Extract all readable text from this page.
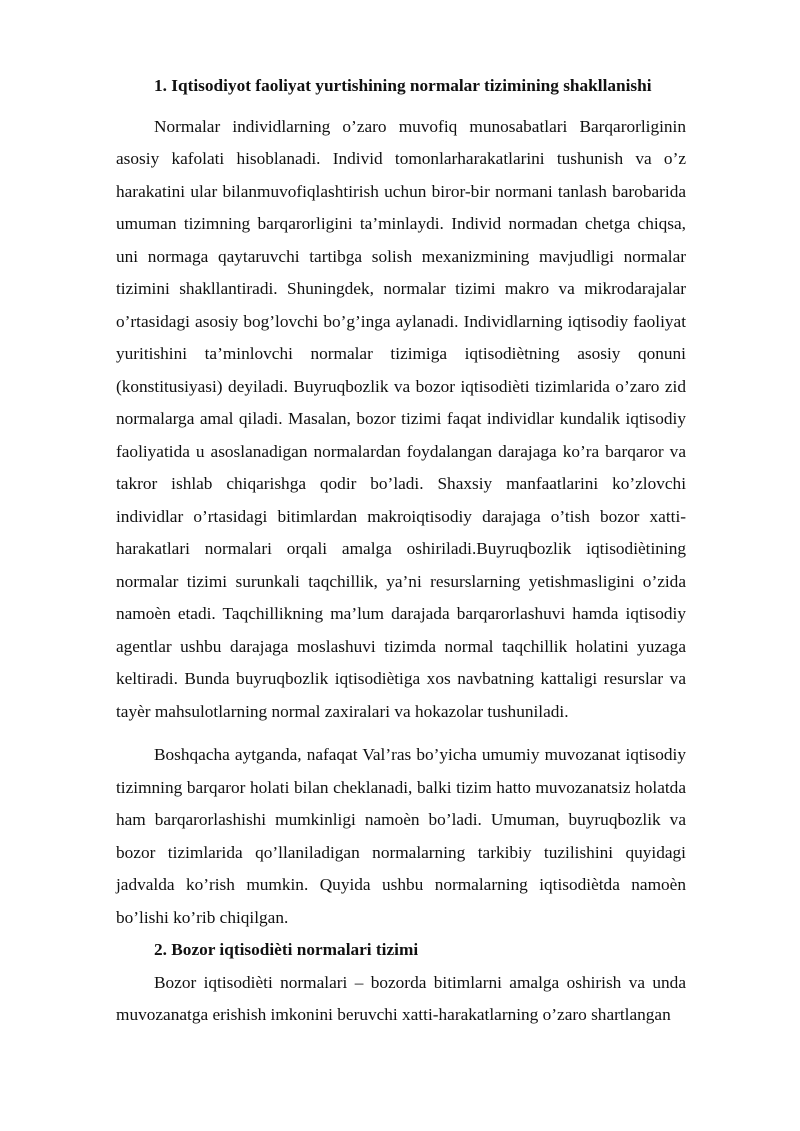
1. Iqtisodiyot faoliyat yurtishining normalar tizimining shakllanishi

Normalar individlarning o’zaro muvofiq munosabatlari Barqarorliginin asosiy kafolati hisoblanadi. Individ tomonlarharakatlarini tushunish va o’z harakatini ular bilanmuvofiqlashtirish uchun biror-bir normani tanlash barobarida umuman tizimning barqarorligini ta’minlaydi. Individ normadan chetga chiqsa, uni normaga qaytaruvchi tartibga solish mexanizmining mavjudligi normalar tizimini shakllantiradi. Shuningdek, normalar tizimi makro va mikrodarajalar o’rtasidagi asosiy bog’lovchi bo’g’inga aylanadi. Individlarning iqtisodiy faoliyat yuritishini ta’minlovchi normalar tizimiga iqtisodiètning asosiy qonuni (konstitusiyasi) deyiladi. Buyruqbozlik va bozor iqtisodièti tizimlarida o’zaro zid normalarga amal qiladi. Masalan, bozor tizimi faqat individlar kundalik iqtisodiy faoliyatida u asoslanadigan normalardan foydalangan darajaga ko’ra barqaror va takror ishlab chiqarishga qodir bo’ladi. Shaxsiy manfaatlarini ko’zlovchi individlar o’rtasidagi bitimlardan makroiqtisodiy darajaga o’tish bozor xatti-harakatlari normalari orqali amalga oshiriladi.Buyruqbozlik iqtisodiètining normalar tizimi surunkali taqchillik, ya’ni resurslarning yetishmasligini o’zida namoèn etadi. Taqchillikning ma’lum darajada barqarorlashuvi hamda iqtisodiy agentlar ushbu darajaga moslashuvi tizimda normal taqchillik holatini yuzaga keltiradi. Bunda buyruqbozlik iqtisodiètiga xos navbatning kattaligi resurslar va tayèr mahsulotlarning normal zaxiralari va hokazolar tushuniladi.

Boshqacha aytganda, nafaqat Val’ras bo’yicha umumiy muvozanat iqtisodiy tizimning barqaror holati bilan cheklanadi, balki tizim hatto muvozanatsiz holatda ham barqarorlashishi mumkinligi namoèn bo’ladi. Umuman, buyruqbozlik va bozor tizimlarida qo’llaniladigan normalarning tarkibiy tuzilishini quyidagi jadvalda ko’rish mumkin. Quyida ushbu normalarning iqtisodiètda namoèn bo’lishi ko’rib chiqilgan.

2. Bozor iqtisodièti normalari tizimi

Bozor iqtisodièti normalari – bozorda bitimlarni amalga oshirish va unda muvozanatga erishish imkonini beruvchi xatti-harakatlarning o’zaro shartlangan
